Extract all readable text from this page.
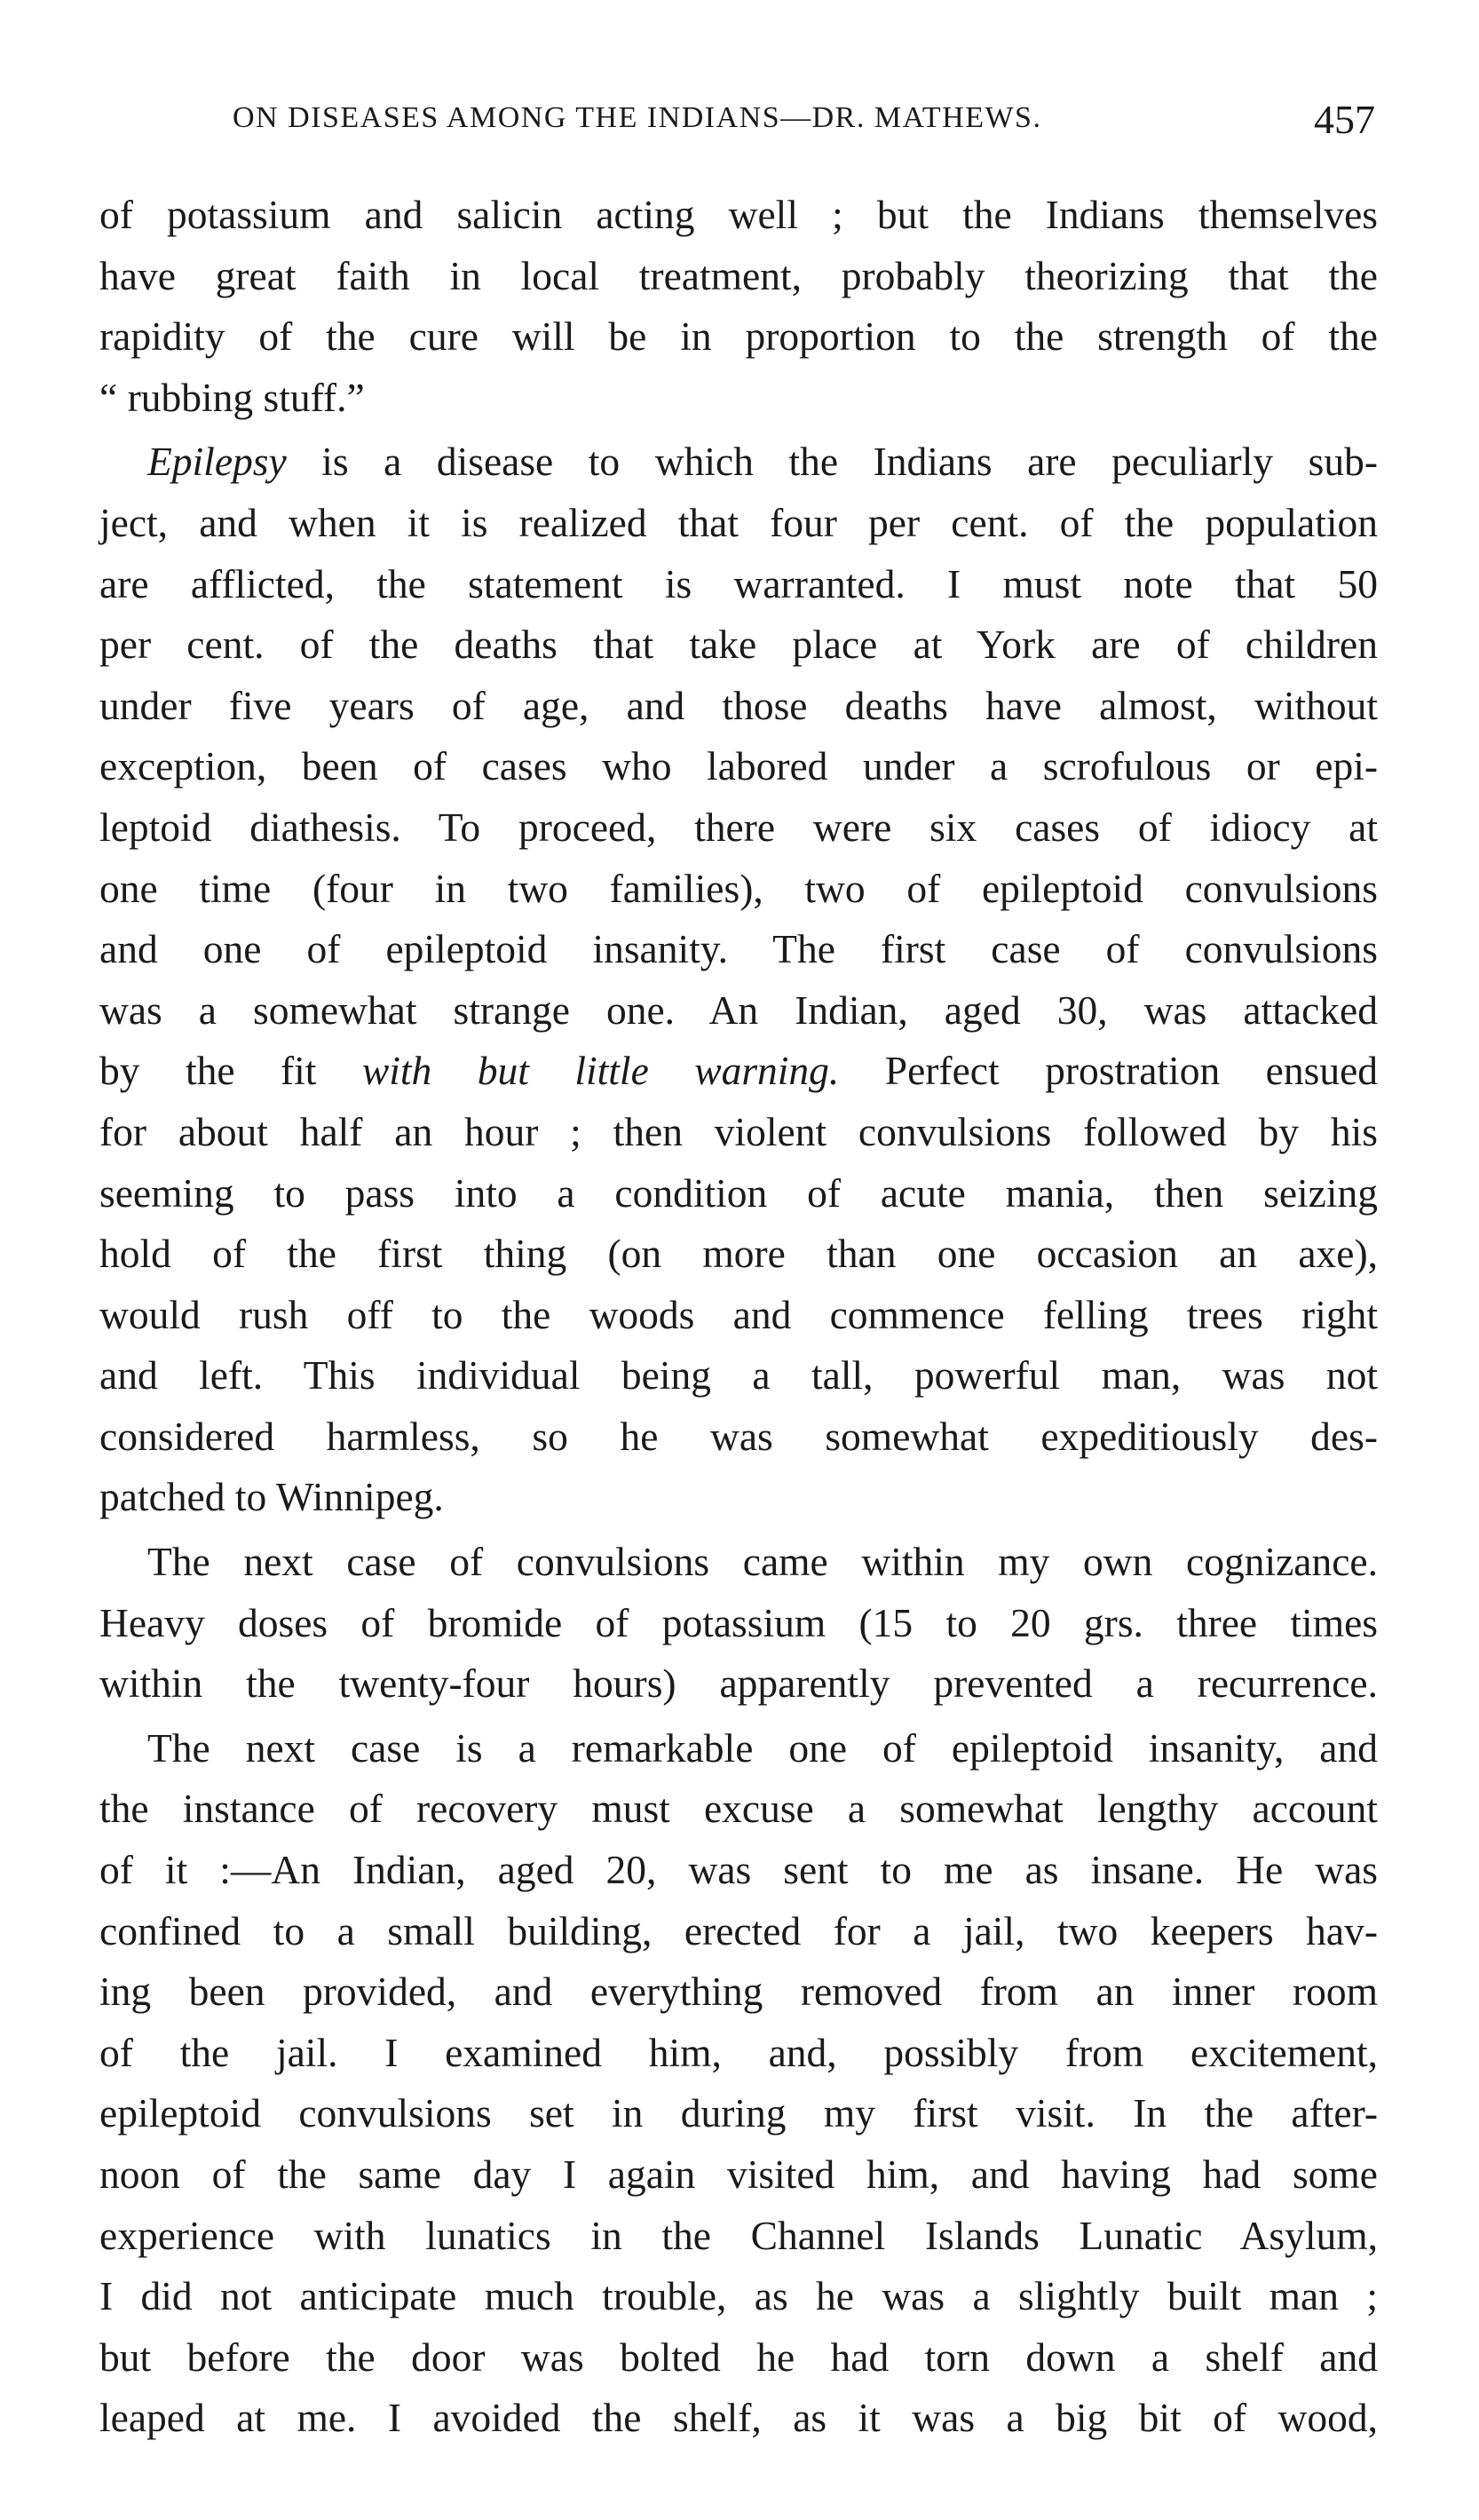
ON DISEASES AMONG THE INDIANS—DR. MATHEWS.	457
of potassium and salicin acting well ; but the Indians themselves
have great faith in local treatment, probably theorizing that the
rapidity of the cure will be in proportion to the strength of the
“ rubbing stuff.”
Epilepsy is a disease to which the Indians are peculiarly sub-
ject, and when it is realized that four per cent. of the population
are afflicted, the statement is warranted. I must note that 50
per cent. of the deaths that take place at York are of children
under five years of age, and those deaths have almost, without
exception, been of cases who labored under a scrofulous or epi-
leptoid diathesis. To proceed, there were six cases of idiocy at
one time (four in two families), two of epileptoid convulsions
and one of epileptoid insanity. The first case of convulsions
was a somewhat strange one. An Indian, aged 30, was attacked
by the fit with but little warning. Perfect prostration ensued
for about half an hour ; then violent convulsions followed by his
seeming to pass into a condition of acute mania, then seizing
hold of the first thing (on more than one occasion an axe),
would rush off to the woods and commence felling trees right
and left. This individual being a tall, powerful man, was not
considered harmless, so he was somewhat expeditiously des-
patched to Winnipeg.
The next case of convulsions came within my own cognizance.
Heavy doses of bromide of potassium (15 to 20 grs. three times
within the twenty-four hours) apparently prevented a recurrence.
The next case is a remarkable one of epileptoid insanity, and
the instance of recovery must excuse a somewhat lengthy account
of it :—An Indian, aged 20, was sent to me as insane. He was
confined to a small building, erected for a jail, two keepers hav-
ing been provided, and everything removed from an inner room
of the jail. I examined him, and, possibly from excitement,
epileptoid convulsions set in during my first visit. In the after-
noon of the same day I again visited him, and having had some
experience with lunatics in the Channel Islands Lunatic Asylum,
I did not anticipate much trouble, as he was a slightly built man ;
but before the door was bolted he had torn down a shelf and
leaped at me. I avoided the shelf, as it was a big bit of wood,
